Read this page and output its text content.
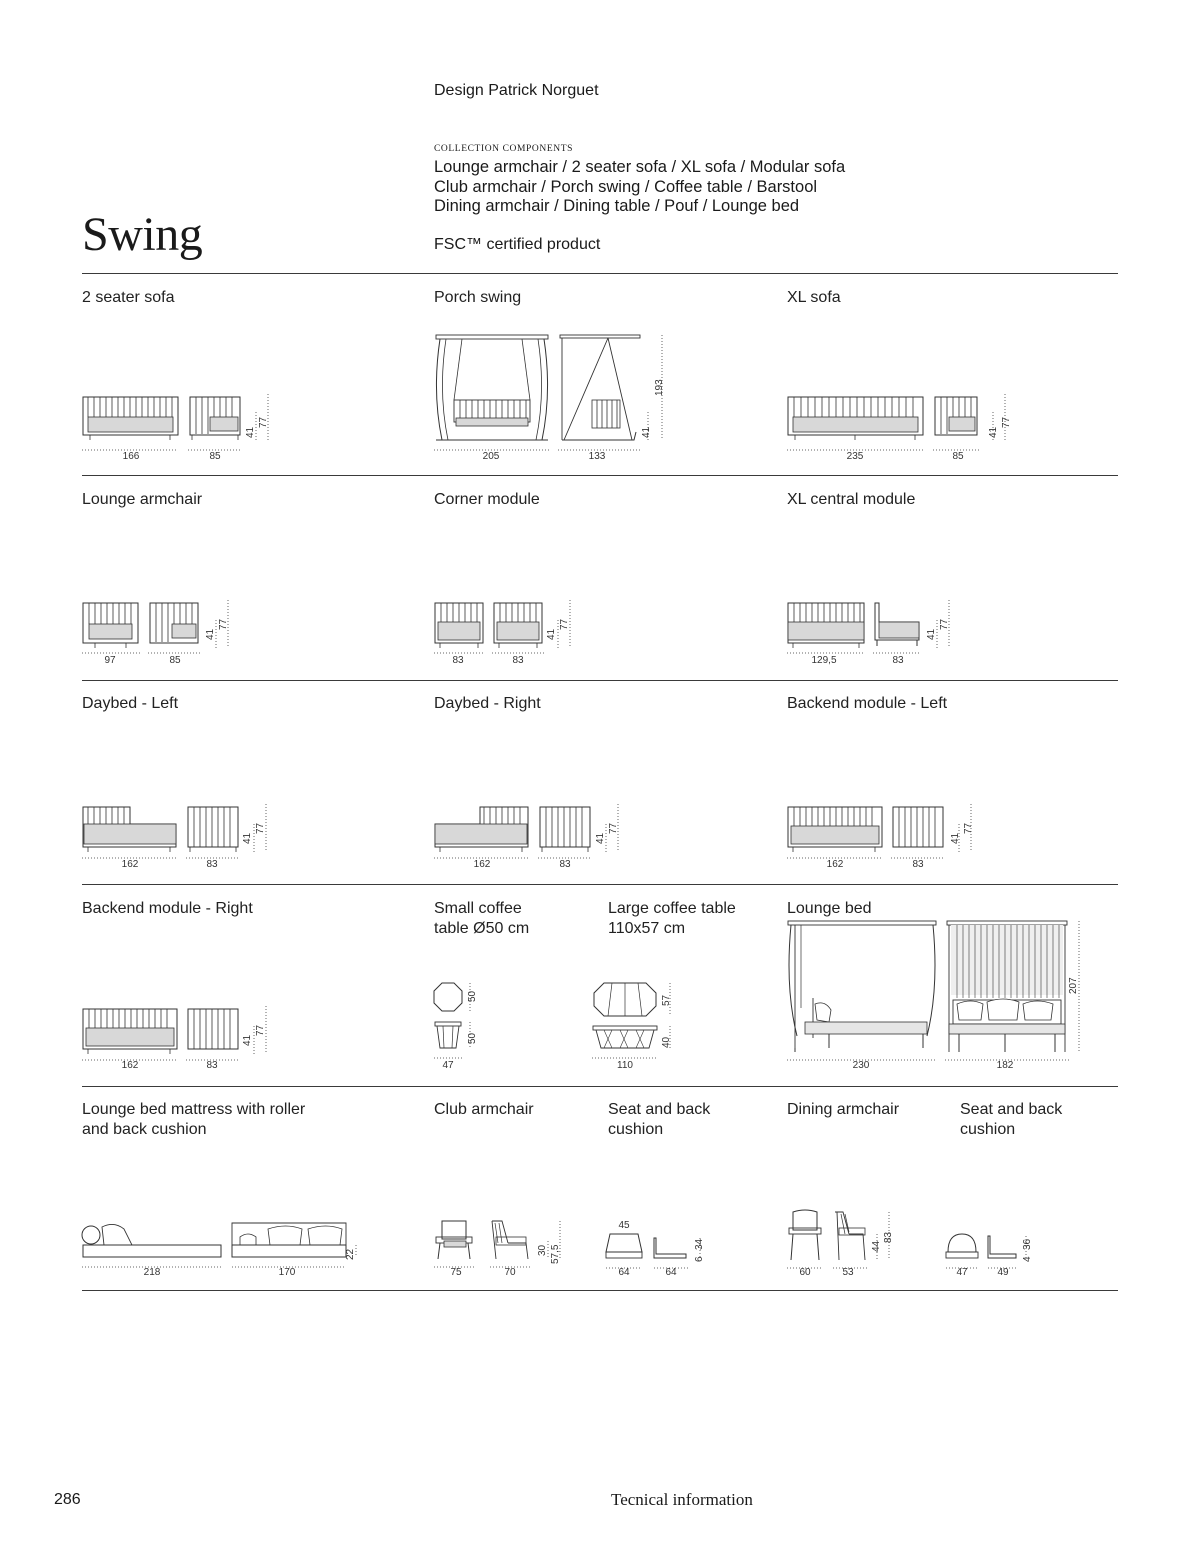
Design Patrick Norguet
COLLECTION COMPONENTS
Lounge armchair / 2 seater sofa / XL sofa / Modular sofa
Club armchair / Porch swing / Coffee table / Barstool
Dining armchair / Dining table / Pouf / Lounge bed
FSC™ certified product
Swing
2 seater sofa	Porch swing	XL sofa
Lounge armchair	Corner module	XL central module
Daybed - Left	Daybed - Right	Backend module - Left
Backend module - Right	Small coffee
table Ø50 cm
Large coffee table
110x57 cm
Lounge bed
Lounge bed mattress with roller
and back cushion
Club armchair	Seat and back
cushion
Dining armchair	Seat and back
cushion
166	85
41
77
205	133
41
193
235	85
41
77
97	85
41
77
83	83
41
77
129,5	83
41
77
162	83
41
77
162	83
41
77
162	83
41
77
162	83
41
77
47
50
50
110
57
40
230	182
207
218	170
22
75	70
30 57,5
45
64	64
6
34
60	53
44
83
47	49
4
36
286	Tecnical information
